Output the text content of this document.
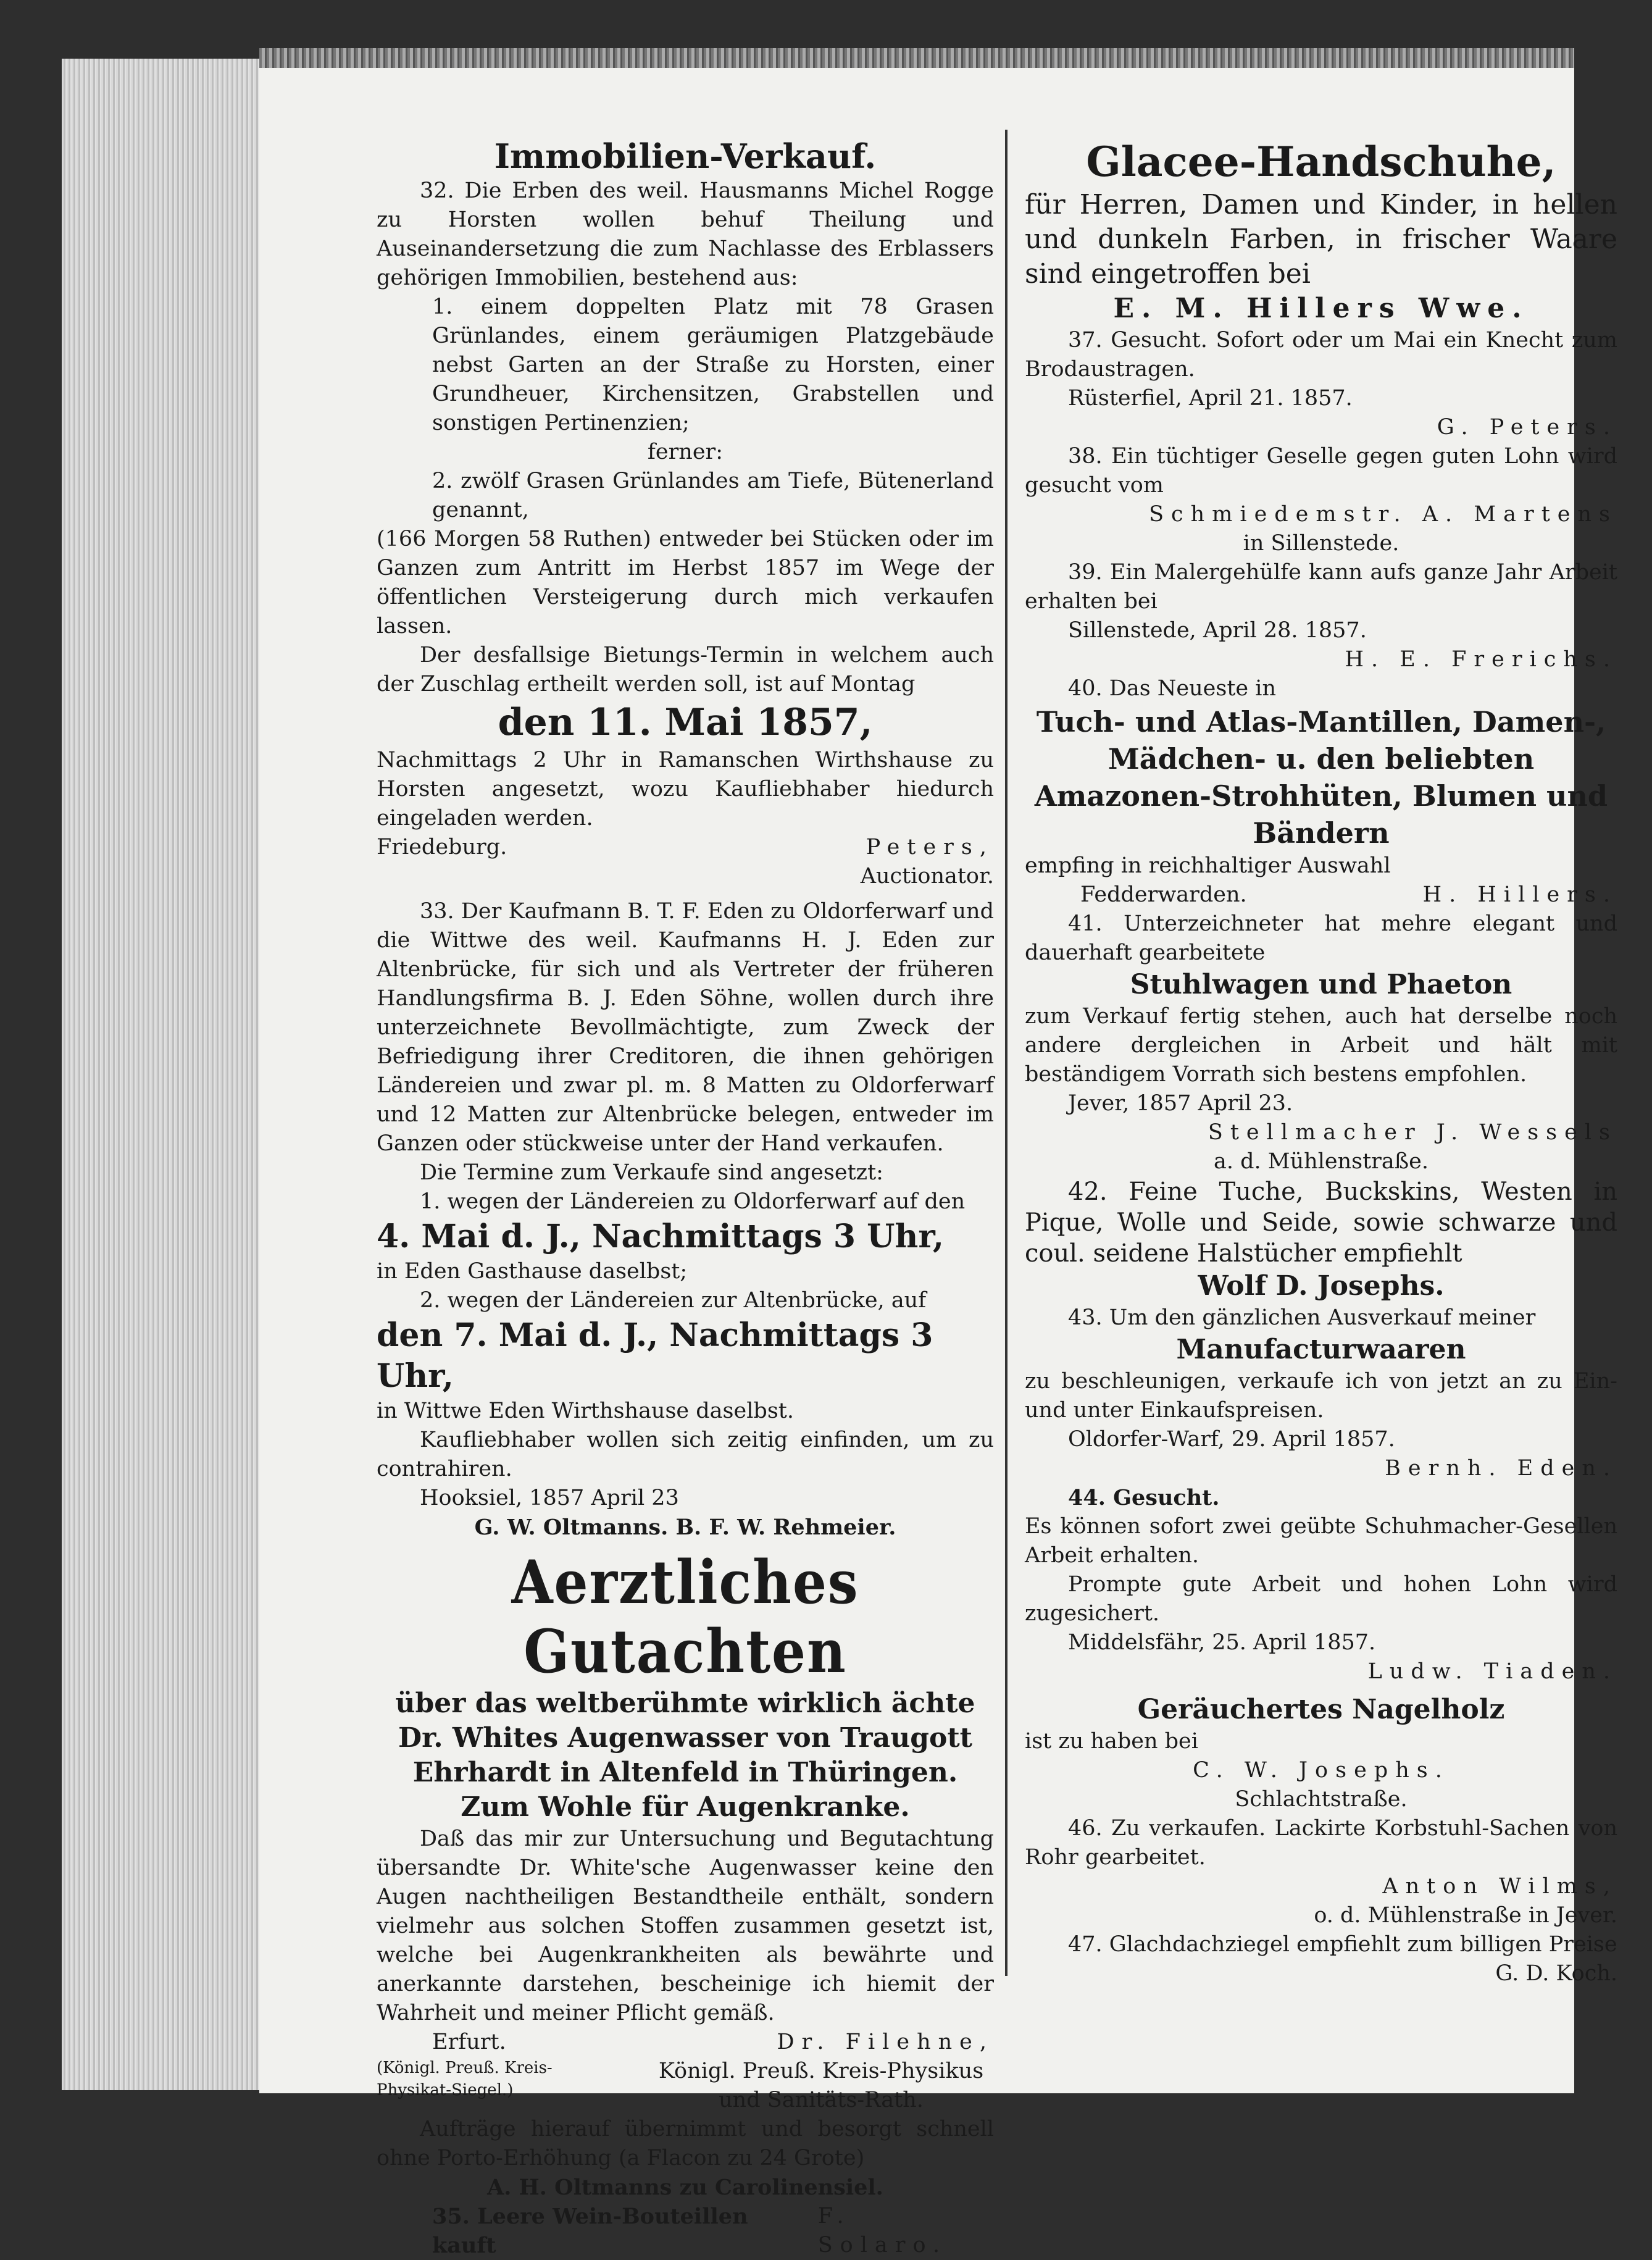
Immobilien-Verkauf.

32. Die Erben des weil. Hausmanns Michel Rogge zu Horsten wollen behuf Theilung und Auseinandersetzung die zum Nachlasse des Erblassers gehörigen Immobilien, bestehend aus:

1. einem doppelten Platz mit 78 Grasen Grünlandes, einem geräumigen Platzgebäude nebst Garten an der Straße zu Horsten, einer Grundheuer, Kirchensitzen, Grabstellen und sonstigen Pertinenzien;

ferner:

2. zwölf Grasen Grünlandes am Tiefe, Bütenerland genannt,

(166 Morgen 58 Ruthen) entweder bei Stücken oder im Ganzen zum Antritt im Herbst 1857 im Wege der öffentlichen Versteigerung durch mich verkaufen lassen.

Der desfallsige Bietungs-Termin in welchem auch der Zuschlag ertheilt werden soll, ist auf Montag

den 11. Mai 1857,

Nachmittags 2 Uhr in Ramanschen Wirthshause zu Horsten angesetzt, wozu Kaufliebhaber hiedurch eingeladen werden.

Friedeburg.	Peters,

Auctionator.

33. Der Kaufmann B. T. F. Eden zu Oldorferwarf und die Wittwe des weil. Kaufmanns H. J. Eden zur Altenbrücke, für sich und als Vertreter der früheren Handlungsfirma B. J. Eden Söhne, wollen durch ihre unterzeichnete Bevollmächtigte, zum Zweck der Befriedigung ihrer Creditoren, die ihnen gehörigen Ländereien und zwar pl. m. 8 Matten zu Oldorferwarf und 12 Matten zur Altenbrücke belegen, entweder im Ganzen oder stückweise unter der Hand verkaufen.

Die Termine zum Verkaufe sind angesetzt:

1. wegen der Ländereien zu Oldorferwarf auf den

4. Mai d. J., Nachmittags 3 Uhr,

in Eden Gasthause daselbst;

2. wegen der Ländereien zur Altenbrücke, auf

den 7. Mai d. J., Nachmittags 3 Uhr,

in Wittwe Eden Wirthshause daselbst.

Kaufliebhaber wollen sich zeitig einfinden, um zu contrahiren.

Hooksiel, 1857 April 23

G. W. Oltmanns. B. F. W. Rehmeier.

Aerztliches Gutachten

über das weltberühmte wirklich ächte

Dr. Whites Augenwasser von Traugott

Ehrhardt in Altenfeld in Thüringen.

Zum Wohle für Augenkranke.

Daß das mir zur Untersuchung und Begutachtung übersandte Dr. White'sche Augenwasser keine den Augen nachtheiligen Bestandtheile enthält, sondern vielmehr aus solchen Stoffen zusammen gesetzt ist, welche bei Augenkrankheiten als bewährte und anerkannte darstehen, bescheinige ich hiemit der Wahrheit und meiner Pflicht gemäß.

Erfurt.	Dr. Filehne,
(Königl. Preuß. Kreis-Physikat-Siegel.)
Königl. Preuß. Kreis-Physikus und Sanitäts-Rath.

Aufträge hierauf übernimmt und besorgt schnell ohne Porto-Erhöhung (a Flacon zu 24 Grote)

A. H. Oltmanns zu Carolinensiel.

35. Leere Wein-Bouteillen kauft
F. Solaro.

Glacee-Handschuhe,

für Herren, Damen und Kinder, in hellen und dunkeln Farben, in frischer Waare sind eingetroffen bei

E. M. Hillers Wwe.

37. Gesucht. Sofort oder um Mai ein Knecht zum Brodaustragen.

Rüsterfiel, April 21. 1857.

G. Peters.

38. Ein tüchtiger Geselle gegen guten Lohn wird gesucht vom

Schmiedemstr. A. Martens

in Sillenstede.

39. Ein Malergehülfe kann aufs ganze Jahr Arbeit erhalten bei

Sillenstede, April 28. 1857.

H. E. Frerichs.

40. Das Neueste in

Tuch- und Atlas-Mantillen, Damen-, Mädchen- u. den beliebten Amazonen-Strohhüten, Blumen und Bändern

empfing in reichhaltiger Auswahl

Fedderwarden.	H. Hillers.

41. Unterzeichneter hat mehre elegant und dauerhaft gearbeitete

Stuhlwagen und Phaeton

zum Verkauf fertig stehen, auch hat derselbe noch andere dergleichen in Arbeit und hält mit beständigem Vorrath sich bestens empfohlen.

Jever, 1857 April 23.

Stellmacher J. Wessels

a. d. Mühlenstraße.

42. Feine Tuche, Buckskins, Westen in Pique, Wolle und Seide, sowie schwarze und coul. seidene Halstücher empfiehlt

Wolf D. Josephs.

43. Um den gänzlichen Ausverkauf meiner

Manufacturwaaren

zu beschleunigen, verkaufe ich von jetzt an zu Ein- und unter Einkaufspreisen.

Oldorfer-Warf, 29. April 1857.

Bernh. Eden.

44. Gesucht.

Es können sofort zwei geübte Schuhmacher-Gesellen Arbeit erhalten.

Prompte gute Arbeit und hohen Lohn wird zugesichert.

Middelsfähr, 25. April 1857.

Ludw. Tiaden.

Geräuchertes Nagelholz

ist zu haben bei

C. W. Josephs.

Schlachtstraße.

46. Zu verkaufen. Lackirte Korbstuhl-Sachen von Rohr gearbeitet.

Anton Wilms,

o. d. Mühlenstraße in Jever.

47. Glachdachziegel empfiehlt zum billigen Preise

G. D. Koch.
